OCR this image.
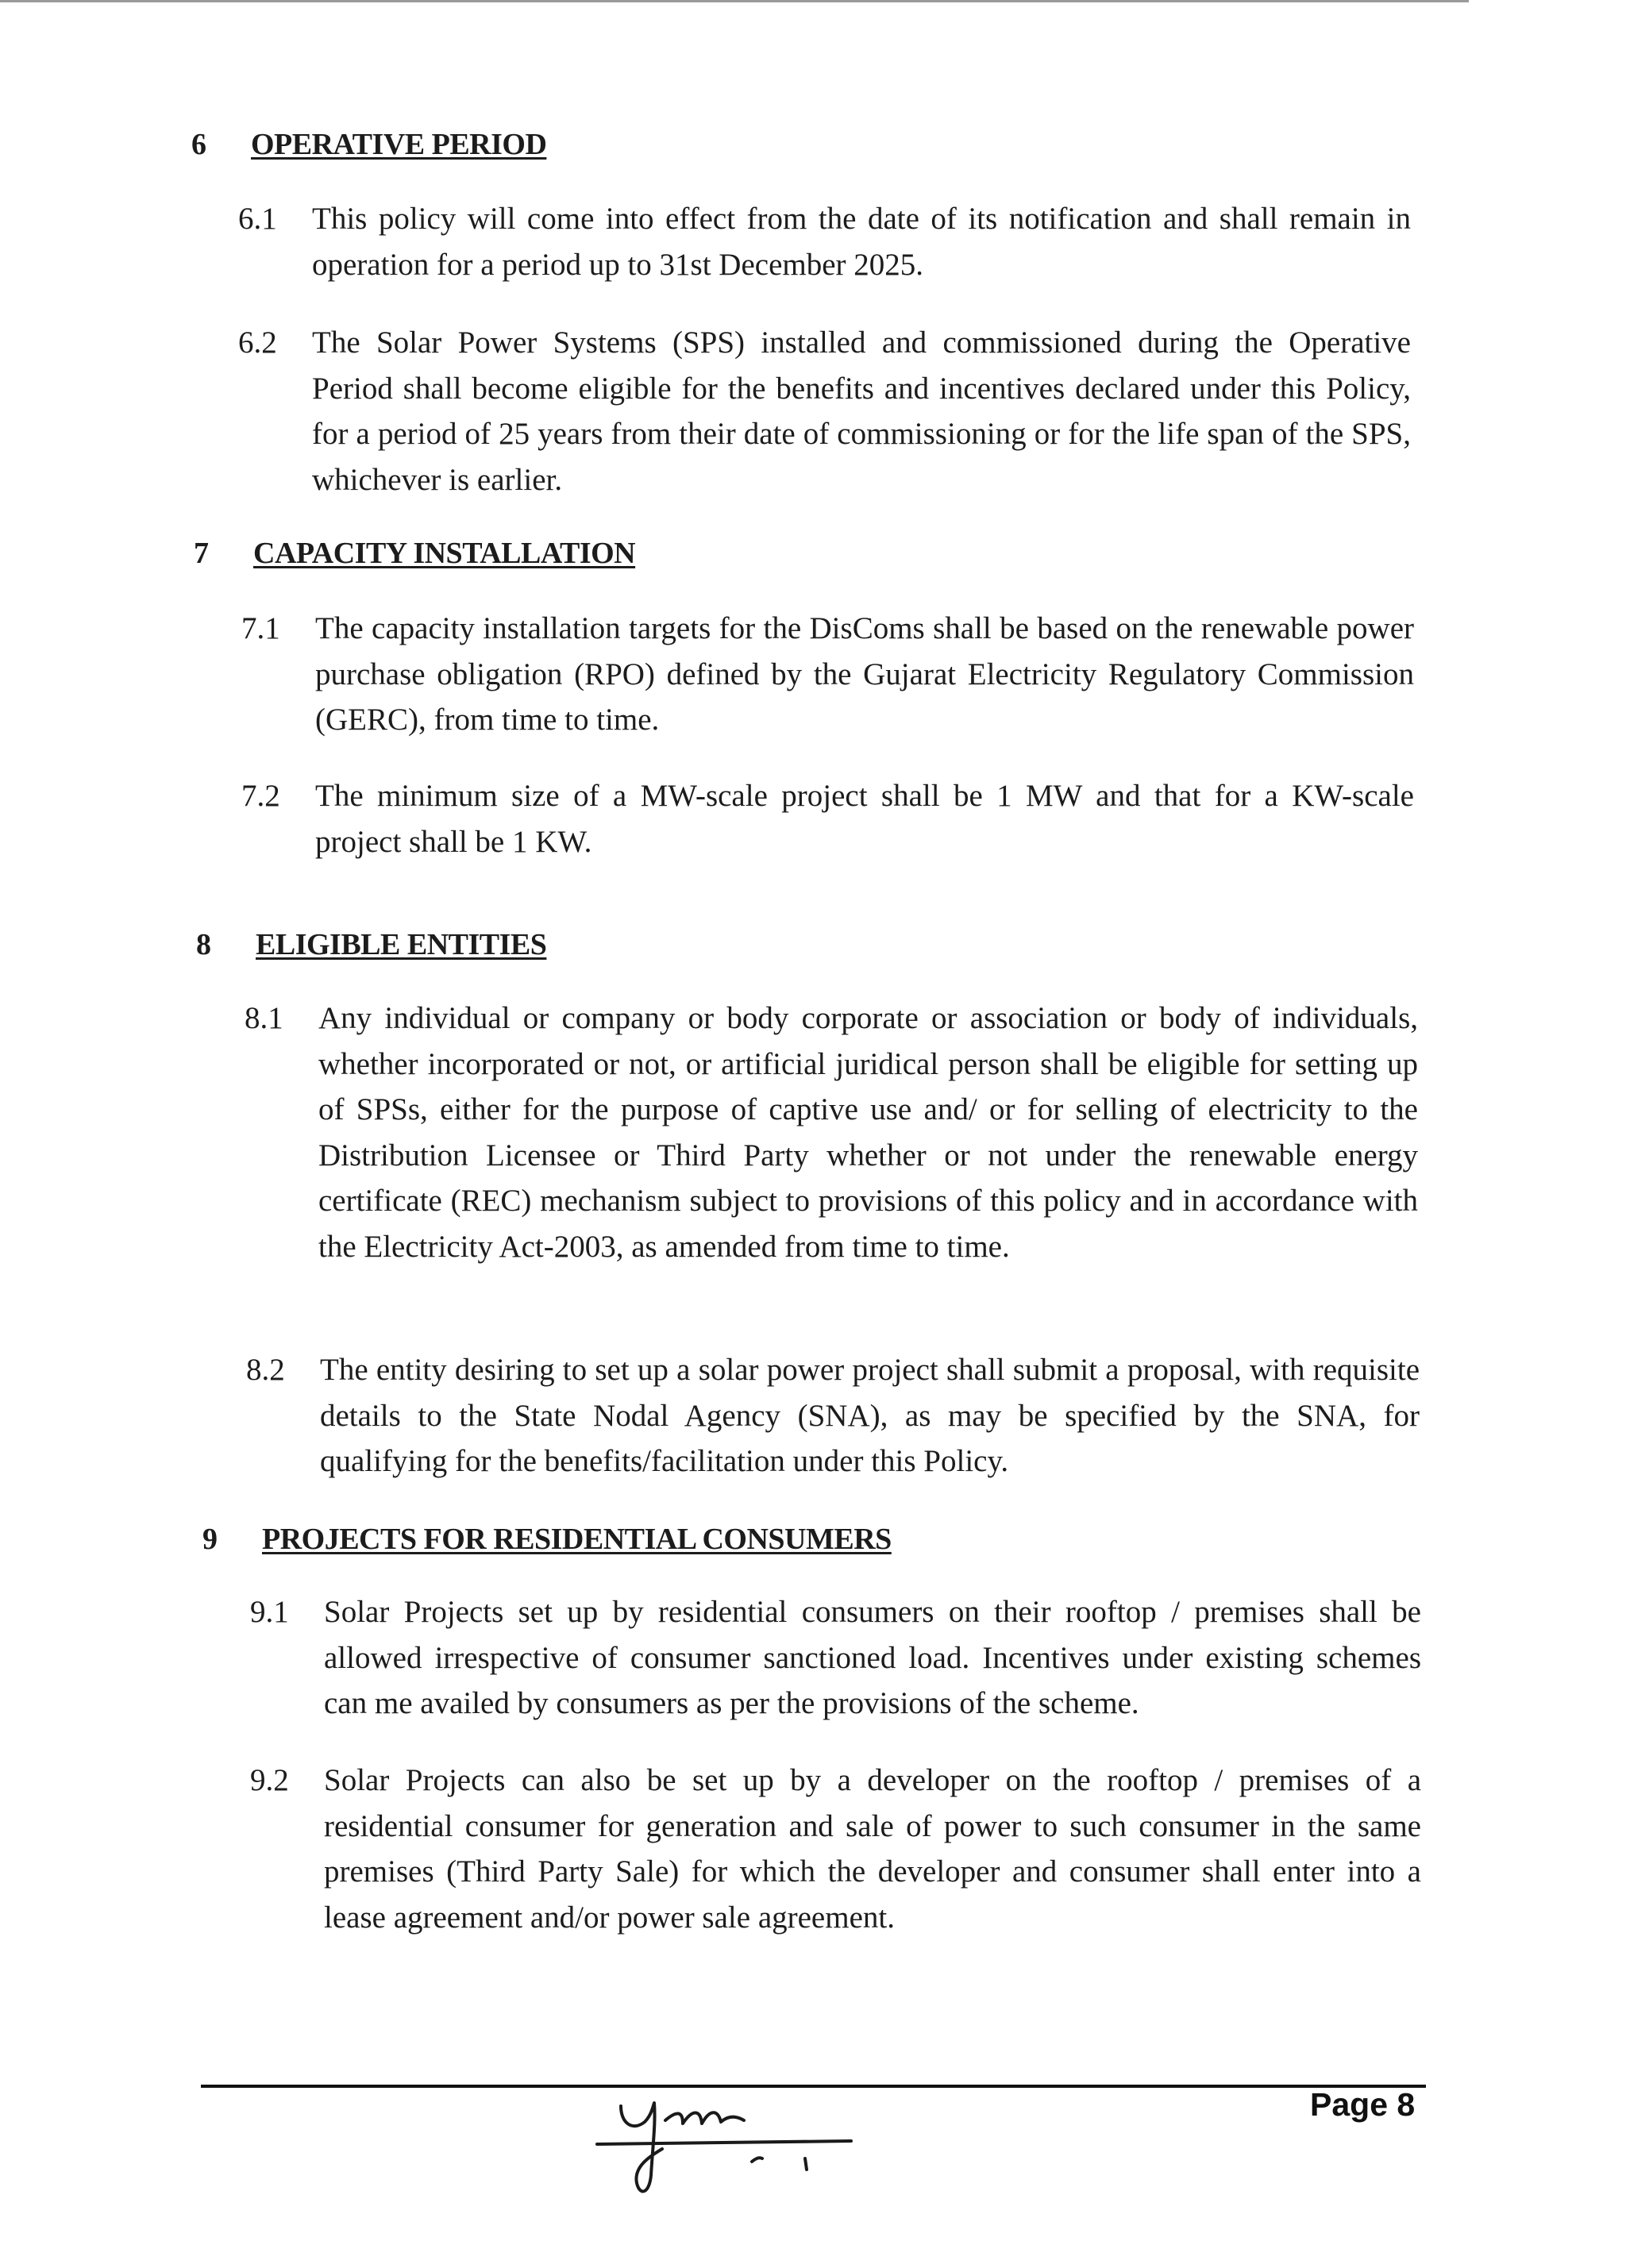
6	OPERATIVE PERIOD
6.1	This policy will come into effect from the date of its notification and shall remain in operation for a period up to 31st December 2025.
6.2	The Solar Power Systems (SPS) installed and commissioned during the Operative Period shall become eligible for the benefits and incentives declared under this Policy, for a period of 25 years from their date of commissioning or for the life span of the SPS, whichever is earlier.
7	CAPACITY INSTALLATION
7.1	The capacity installation targets for the DisComs shall be based on the renewable power purchase obligation (RPO) defined by the Gujarat Electricity Regulatory Commission (GERC), from time to time.
7.2	The minimum size of a MW-scale project shall be 1 MW and that for a KW-scale project shall be 1 KW.
8	ELIGIBLE ENTITIES
8.1	Any individual or company or body corporate or association or body of individuals, whether incorporated or not, or artificial juridical person shall be eligible for setting up of SPSs, either for the purpose of captive use and/ or for selling of electricity to the Distribution Licensee or Third Party whether or not under the renewable energy certificate (REC) mechanism subject to provisions of this policy and in accordance with the Electricity Act-2003, as amended from time to time.
8.2	The entity desiring to set up a solar power project shall submit a proposal, with requisite details to the State Nodal Agency (SNA), as may be specified by the SNA, for qualifying for the benefits/facilitation under this Policy.
9	PROJECTS FOR RESIDENTIAL CONSUMERS
9.1	Solar Projects set up by residential consumers on their rooftop / premises shall be allowed irrespective of consumer sanctioned load. Incentives under existing schemes can me availed by consumers as per the provisions of the scheme.
9.2	Solar Projects can also be set up by a developer on the rooftop / premises of a residential consumer for generation and sale of power to such consumer in the same premises (Third Party Sale) for which the developer and consumer shall enter into a lease agreement and/or power sale agreement.
Page 8
